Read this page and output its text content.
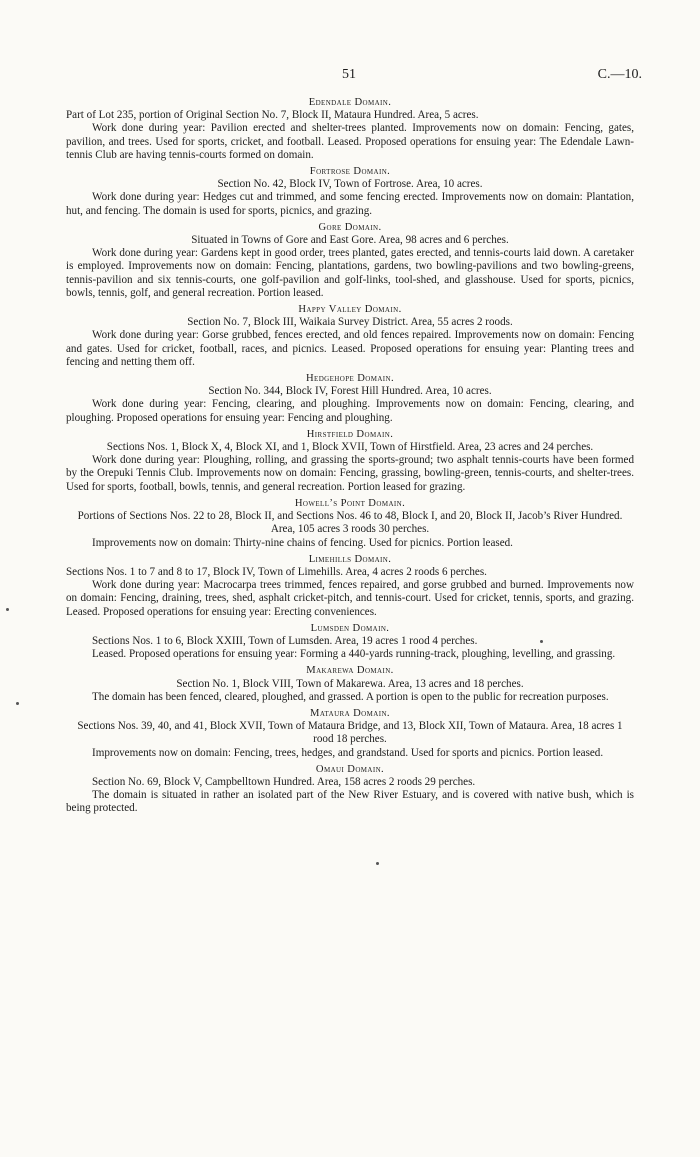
51	C.—10.
Edendale Domain.

Part of Lot 235, portion of Original Section No. 7, Block II, Mataura Hundred. Area, 5 acres.

Work done during year: Pavilion erected and shelter-trees planted. Improvements now on domain: Fencing, gates, pavilion, and trees. Used for sports, cricket, and football. Leased. Proposed operations for ensuing year: The Edendale Lawn-tennis Club are having tennis-courts formed on domain.

Fortrose Domain.

Section No. 42, Block IV, Town of Fortrose. Area, 10 acres.

Work done during year: Hedges cut and trimmed, and some fencing erected. Improvements now on domain: Plantation, hut, and fencing. The domain is used for sports, picnics, and grazing.

Gore Domain.

Situated in Towns of Gore and East Gore. Area, 98 acres and 6 perches.

Work done during year: Gardens kept in good order, trees planted, gates erected, and tennis-courts laid down. A caretaker is employed. Improvements now on domain: Fencing, plantations, gardens, two bowling-pavilions and two bowling-greens, tennis-pavilion and six tennis-courts, one golf-pavilion and golf-links, tool-shed, and glasshouse. Used for sports, picnics, bowls, tennis, golf, and general recreation. Portion leased.

Happy Valley Domain.

Section No. 7, Block III, Waikaia Survey District. Area, 55 acres 2 roods.

Work done during year: Gorse grubbed, fences erected, and old fences repaired. Improvements now on domain: Fencing and gates. Used for cricket, football, races, and picnics. Leased. Proposed operations for ensuing year: Planting trees and fencing and netting them off.

Hedgehope Domain.

Section No. 344, Block IV, Forest Hill Hundred. Area, 10 acres.

Work done during year: Fencing, clearing, and ploughing. Improvements now on domain: Fencing, clearing, and ploughing. Proposed operations for ensuing year: Fencing and ploughing.

Hirstfield Domain.

Sections Nos. 1, Block X, 4, Block XI, and 1, Block XVII, Town of Hirstfield. Area, 23 acres and 24 perches.

Work done during year: Ploughing, rolling, and grassing the sports-ground; two asphalt tennis-courts have been formed by the Orepuki Tennis Club. Improvements now on domain: Fencing, grassing, bowling-green, tennis-courts, and shelter-trees. Used for sports, football, bowls, tennis, and general recreation. Portion leased for grazing.

Howell’s Point Domain.

Portions of Sections Nos. 22 to 28, Block II, and Sections Nos. 46 to 48, Block I, and 20, Block II, Jacob’s River Hundred. Area, 105 acres 3 roods 30 perches.

Improvements now on domain: Thirty-nine chains of fencing. Used for picnics. Portion leased.

Limehills Domain.

Sections Nos. 1 to 7 and 8 to 17, Block IV, Town of Limehills. Area, 4 acres 2 roods 6 perches.

Work done during year: Macrocarpa trees trimmed, fences repaired, and gorse grubbed and burned. Improvements now on domain: Fencing, draining, trees, shed, asphalt cricket-pitch, and tennis-court. Used for cricket, tennis, sports, and grazing. Leased. Proposed operations for ensuing year: Erecting conveniences.

Lumsden Domain.

Sections Nos. 1 to 6, Block XXIII, Town of Lumsden. Area, 19 acres 1 rood 4 perches.

Leased. Proposed operations for ensuing year: Forming a 440-yards running-track, ploughing, levelling, and grassing.

Makarewa Domain.

Section No. 1, Block VIII, Town of Makarewa. Area, 13 acres and 18 perches.

The domain has been fenced, cleared, ploughed, and grassed. A portion is open to the public for recreation purposes.

Mataura Domain.

Sections Nos. 39, 40, and 41, Block XVII, Town of Mataura Bridge, and 13, Block XII, Town of Mataura. Area, 18 acres 1 rood 18 perches.

Improvements now on domain: Fencing, trees, hedges, and grandstand. Used for sports and picnics. Portion leased.

Omaui Domain.

Section No. 69, Block V, Campbelltown Hundred. Area, 158 acres 2 roods 29 perches.

The domain is situated in rather an isolated part of the New River Estuary, and is covered with native bush, which is being protected.
